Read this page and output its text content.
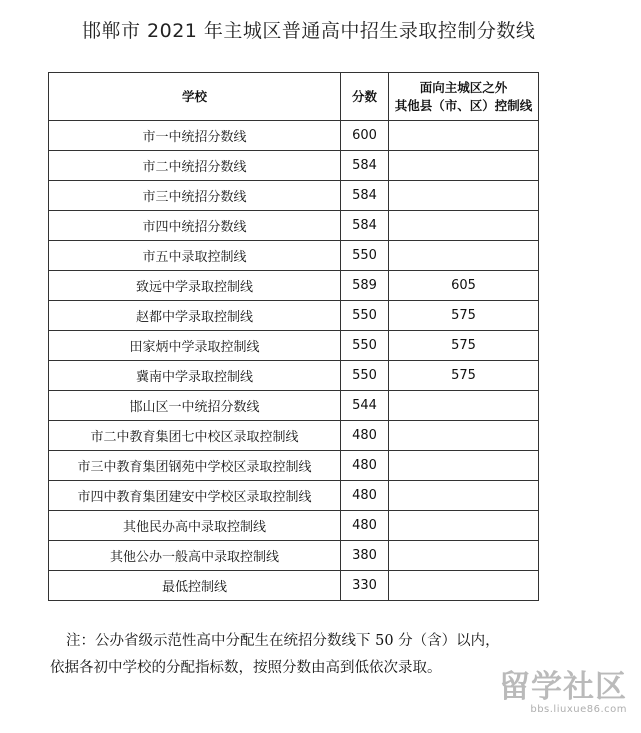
邯郸市 2021 年主城区普通高中招生录取控制分数线
学校	分数	面向主城区之外
其他县（市、区）控制线

市一中统招分数线	600	
市二中统招分数线	584	
市三中统招分数线	584	
市四中统招分数线	584	
市五中录取控制线	550	
致远中学录取控制线	589	605
赵都中学录取控制线	550	575
田家炳中学录取控制线	550	575
冀南中学录取控制线	550	575
邯山区一中统招分数线	544	
市二中教育集团七中校区录取控制线	480	
市三中教育集团钢苑中学校区录取控制线	480	
市四中教育集团建安中学校区录取控制线	480	
其他民办高中录取控制线	480	
其他公办一般高中录取控制线	380	
最低控制线	330	

注：公办省级示范性高中分配生在统招分数线下 50 分（含）以内，

依据各初中学校的分配指标数，按照分数由高到低依次录取。

留学社区
bbs.liuxue86.com
